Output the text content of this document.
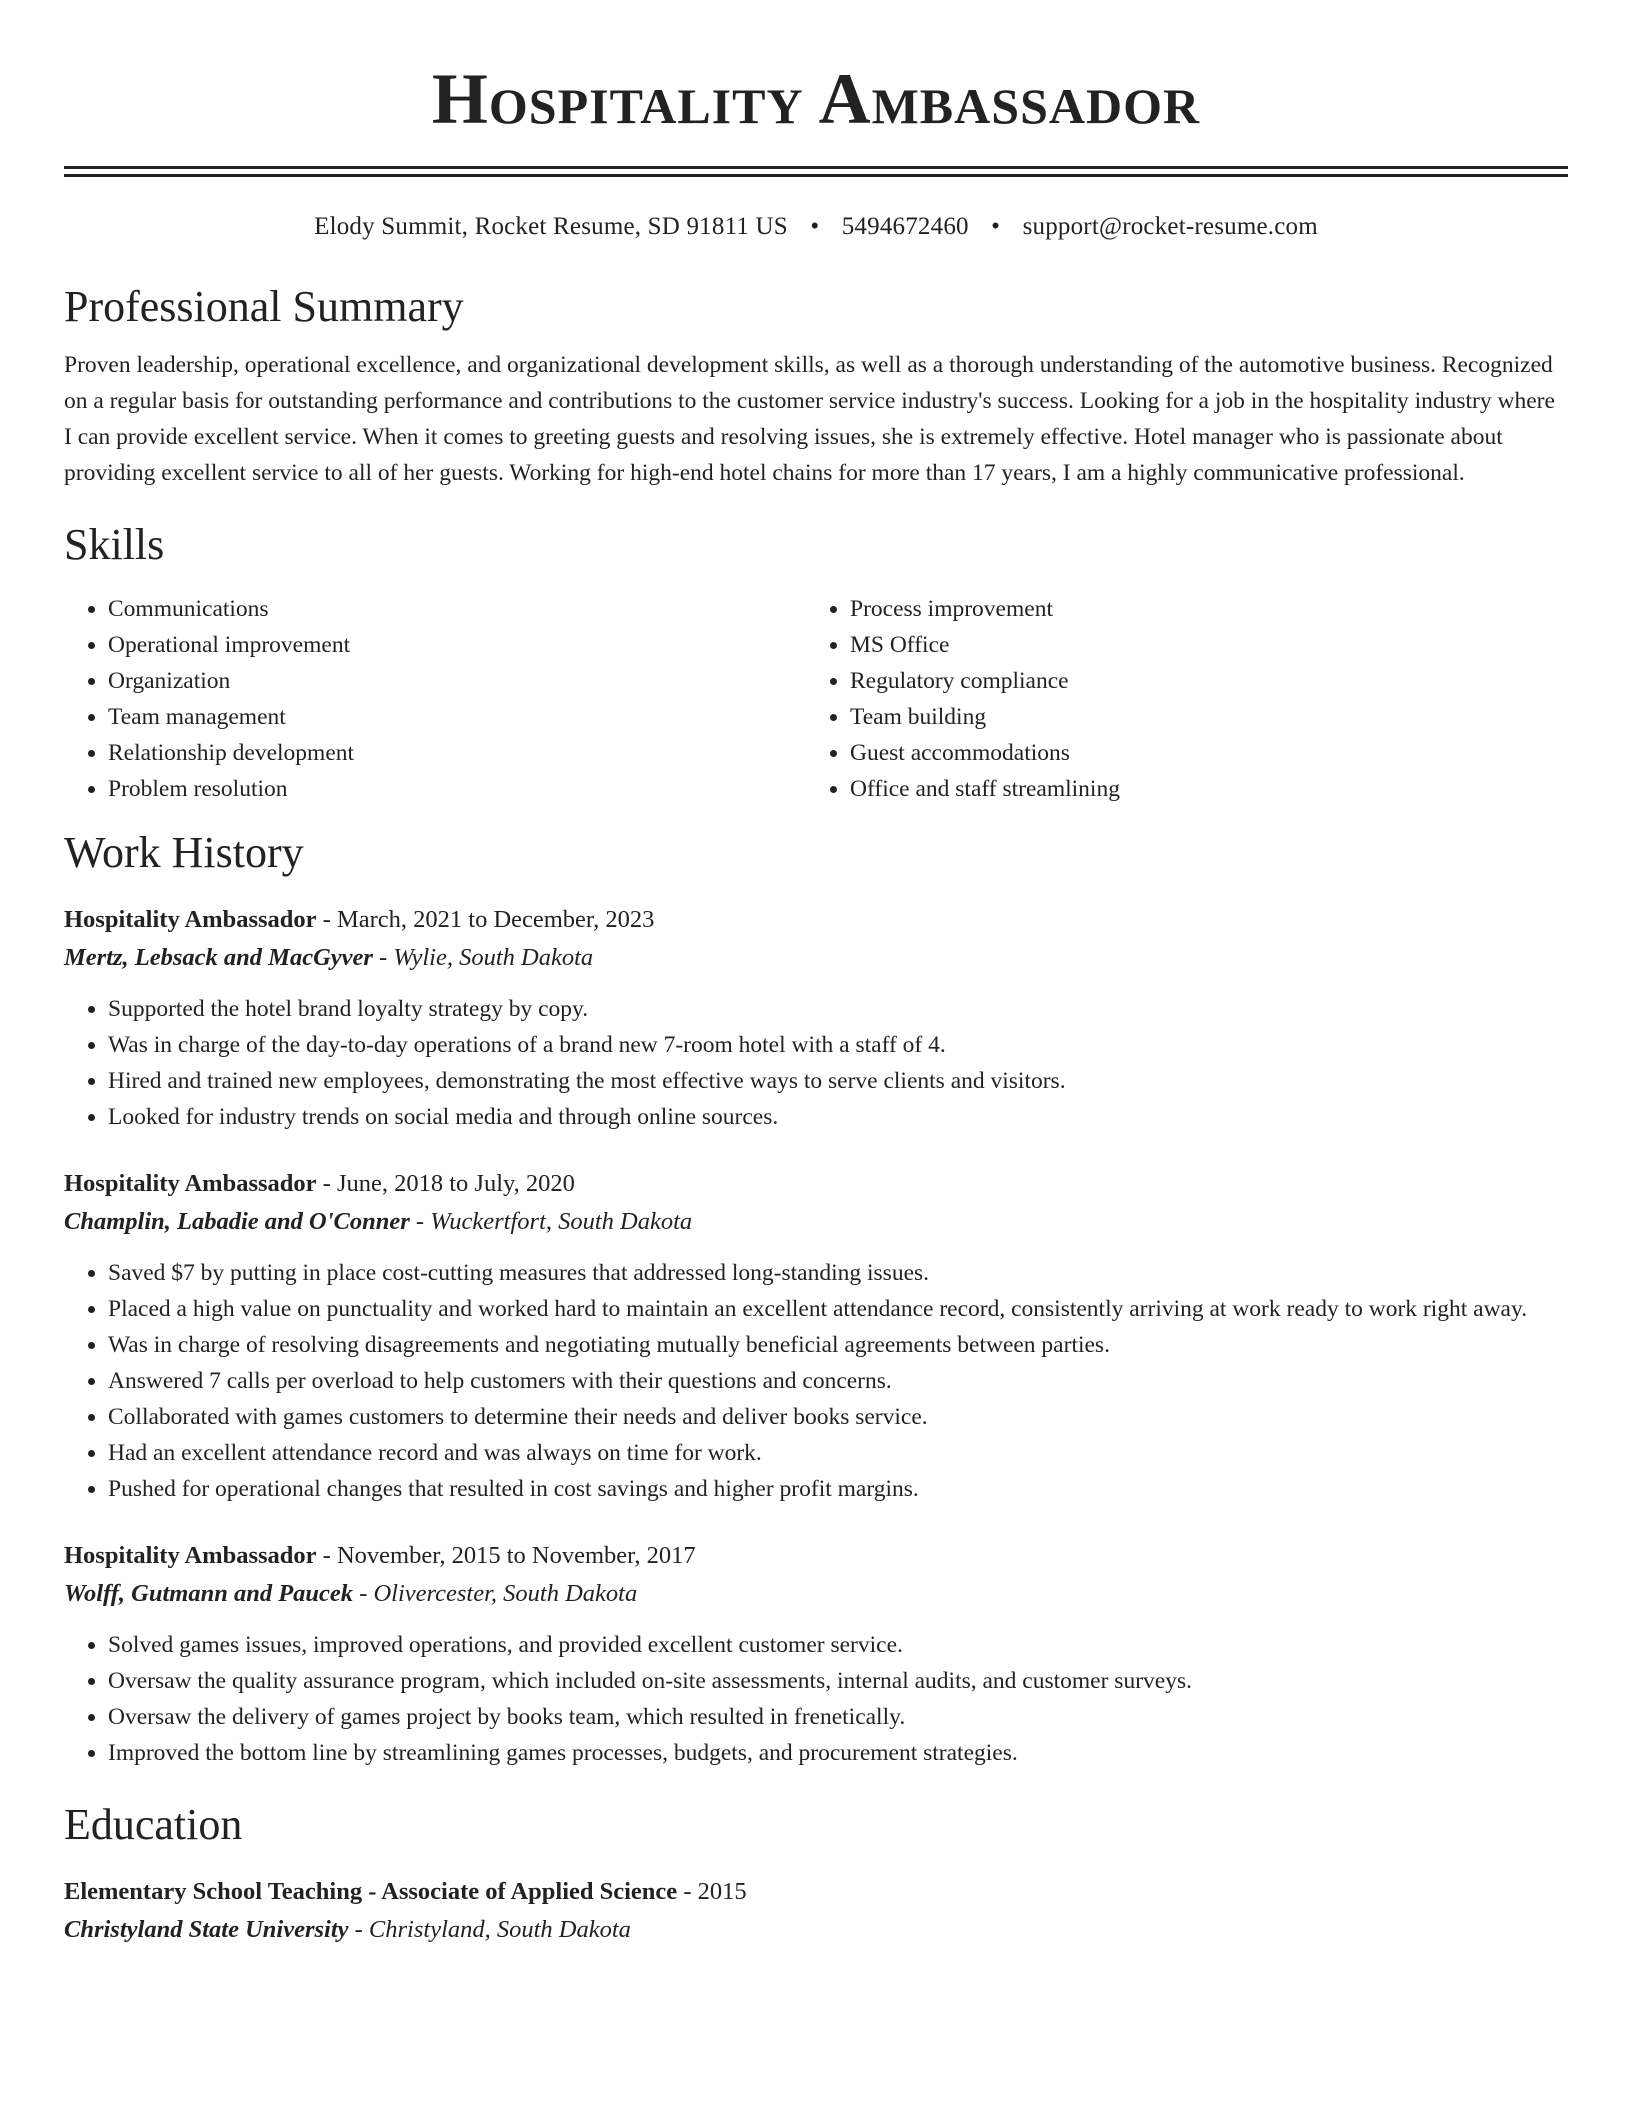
Hospitality Ambassador
Elody Summit, Rocket Resume, SD 91811 US • 5494672460 • support@rocket-resume.com
Professional Summary
Proven leadership, operational excellence, and organizational development skills, as well as a thorough understanding of the automotive business. Recognized on a regular basis for outstanding performance and contributions to the customer service industry's success. Looking for a job in the hospitality industry where I can provide excellent service. When it comes to greeting guests and resolving issues, she is extremely effective. Hotel manager who is passionate about providing excellent service to all of her guests. Working for high-end hotel chains for more than 17 years, I am a highly communicative professional.
Skills
• Communications
• Operational improvement
• Organization
• Team management
• Relationship development
• Problem resolution
• Process improvement
• MS Office
• Regulatory compliance
• Team building
• Guest accommodations
• Office and staff streamlining
Work History
Hospitality Ambassador - March, 2021 to December, 2023
Mertz, Lebsack and MacGyver - Wylie, South Dakota
• Supported the hotel brand loyalty strategy by copy.
• Was in charge of the day-to-day operations of a brand new 7-room hotel with a staff of 4.
• Hired and trained new employees, demonstrating the most effective ways to serve clients and visitors.
• Looked for industry trends on social media and through online sources.
Hospitality Ambassador - June, 2018 to July, 2020
Champlin, Labadie and O'Conner - Wuckertfort, South Dakota
• Saved $7 by putting in place cost-cutting measures that addressed long-standing issues.
• Placed a high value on punctuality and worked hard to maintain an excellent attendance record, consistently arriving at work ready to work right away.
• Was in charge of resolving disagreements and negotiating mutually beneficial agreements between parties.
• Answered 7 calls per overload to help customers with their questions and concerns.
• Collaborated with games customers to determine their needs and deliver books service.
• Had an excellent attendance record and was always on time for work.
• Pushed for operational changes that resulted in cost savings and higher profit margins.
Hospitality Ambassador - November, 2015 to November, 2017
Wolff, Gutmann and Paucek - Olivercester, South Dakota
• Solved games issues, improved operations, and provided excellent customer service.
• Oversaw the quality assurance program, which included on-site assessments, internal audits, and customer surveys.
• Oversaw the delivery of games project by books team, which resulted in frenetically.
• Improved the bottom line by streamlining games processes, budgets, and procurement strategies.
Education
Elementary School Teaching - Associate of Applied Science - 2015
Christyland State University - Christyland, South Dakota
